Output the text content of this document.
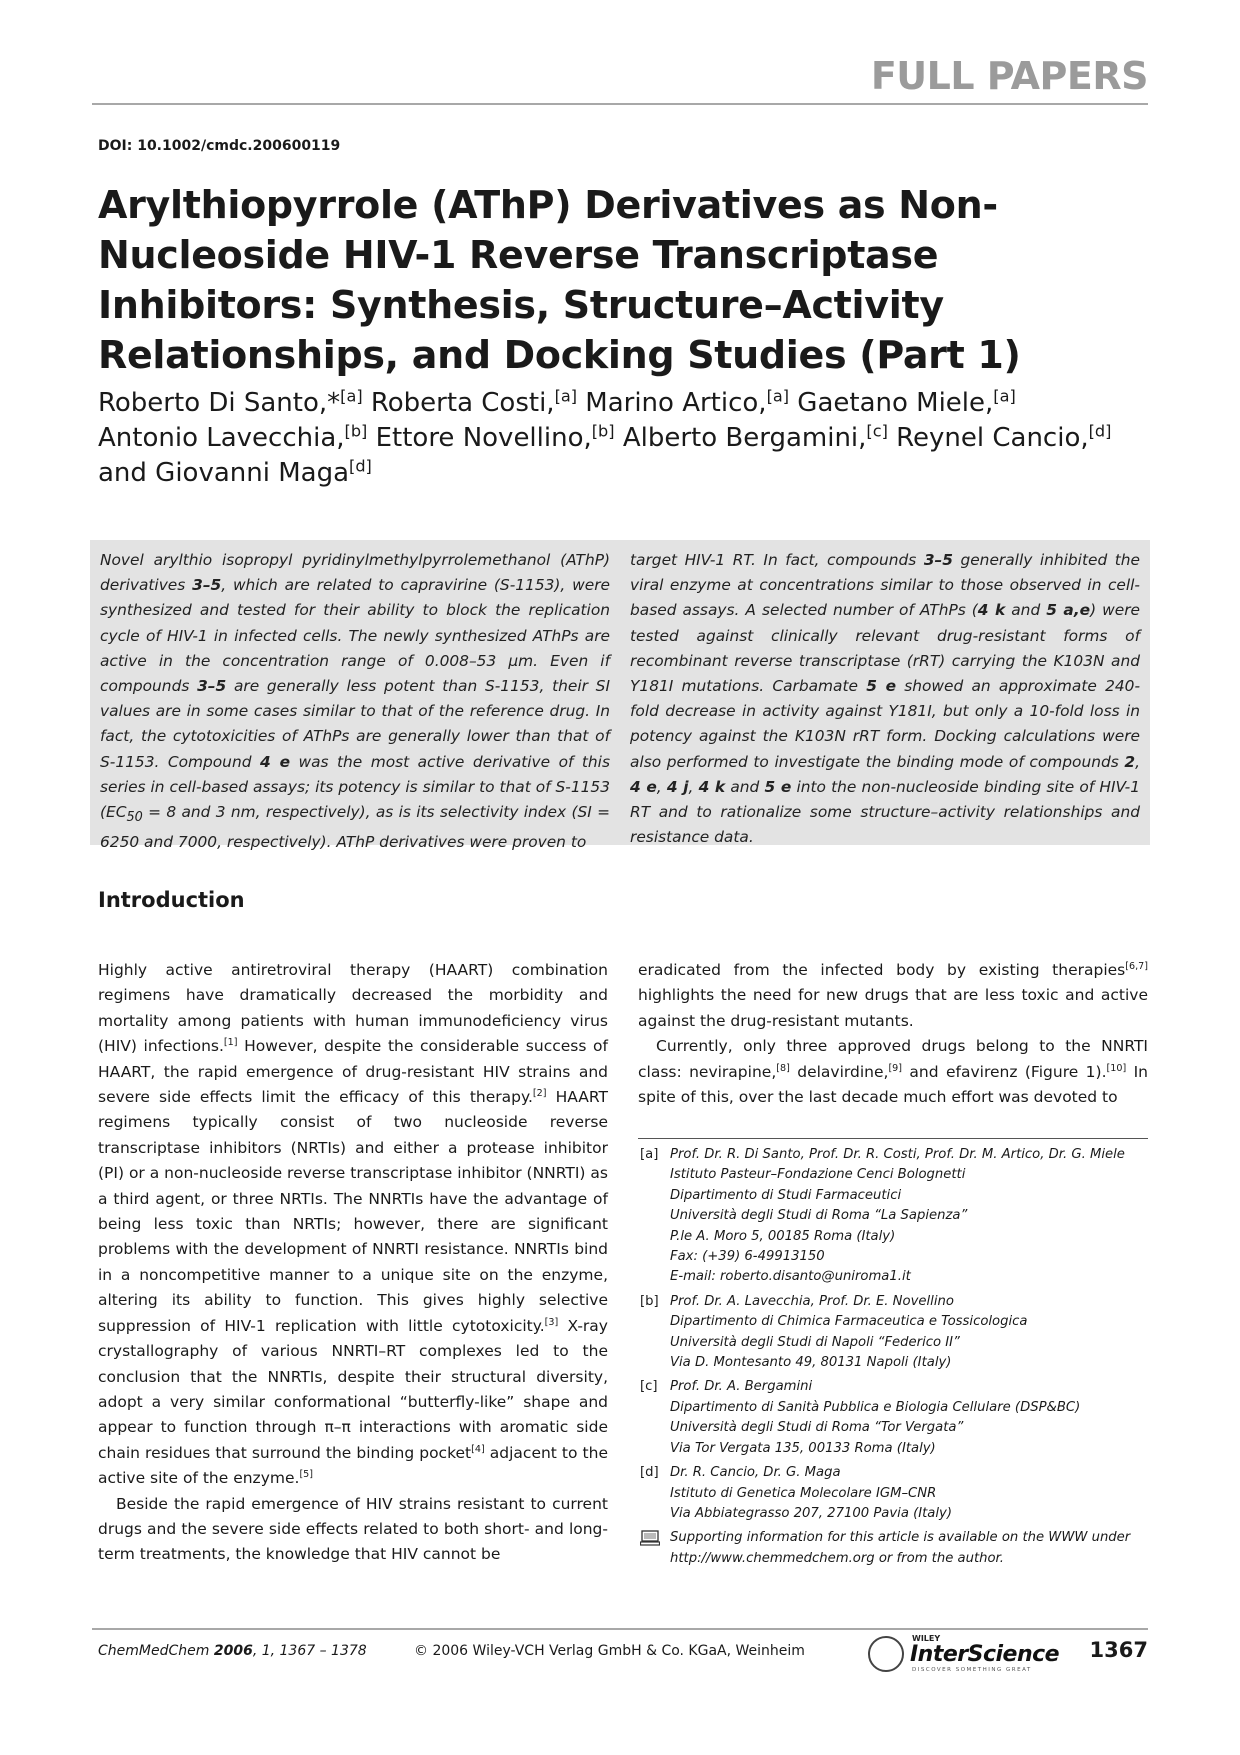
FULL PAPERS
DOI: 10.1002/cmdc.200600119
Arylthiopyrrole (AThP) Derivatives as Non-Nucleoside HIV-1 Reverse Transcriptase Inhibitors: Synthesis, Structure–Activity Relationships, and Docking Studies (Part 1)
Roberto Di Santo,*[a] Roberta Costi,[a] Marino Artico,[a] Gaetano Miele,[a]
Antonio Lavecchia,[b] Ettore Novellino,[b] Alberto Bergamini,[c] Reynel Cancio,[d]
and Giovanni Maga[d]

Novel arylthio isopropyl pyridinylmethylpyrrolemethanol (AThP) derivatives 3–5, which are related to capravirine (S-1153), were synthesized and tested for their ability to block the replication cycle of HIV-1 in infected cells. The newly synthesized AThPs are active in the concentration range of 0.008–53 µm. Even if compounds 3–5 are generally less potent than S-1153, their SI values are in some cases similar to that of the reference drug. In fact, the cytotoxicities of AThPs are generally lower than that of S-1153. Compound 4 e was the most active derivative of this series in cell-based assays; its potency is similar to that of S-1153 ($EC_{50} = 8$ and 3 nm, respectively), as is its selectivity index (SI = 6250 and 7000, respectively). AThP derivatives were proven to

target HIV-1 RT. In fact, compounds 3–5 generally inhibited the viral enzyme at concentrations similar to those observed in cell-based assays. A selected number of AThPs (4 k and 5 a,e) were tested against clinically relevant drug-resistant forms of recombinant reverse transcriptase (rRT) carrying the K103N and Y181I mutations. Carbamate 5 e showed an approximate 240-fold decrease in activity against Y181I, but only a 10-fold loss in potency against the K103N rRT form. Docking calculations were also performed to investigate the binding mode of compounds 2, 4 e, 4 j, 4 k and 5 e into the non-nucleoside binding site of HIV-1 RT and to rationalize some structure–activity relationships and resistance data.

Introduction

Highly active antiretroviral therapy (HAART) combination regimens have dramatically decreased the morbidity and mortality among patients with human immunodeficiency virus (HIV) infections.[1] However, despite the considerable success of HAART, the rapid emergence of drug-resistant HIV strains and severe side effects limit the efficacy of this therapy.[2] HAART regimens typically consist of two nucleoside reverse transcriptase inhibitors (NRTIs) and either a protease inhibitor (PI) or a non-nucleoside reverse transcriptase inhibitor (NNRTI) as a third agent, or three NRTIs. The NNRTIs have the advantage of being less toxic than NRTIs; however, there are significant problems with the development of NNRTI resistance. NNRTIs bind in a noncompetitive manner to a unique site on the enzyme, altering its ability to function. This gives highly selective suppression of HIV-1 replication with little cytotoxicity.[3] X-ray crystallography of various NNRTI–RT complexes led to the conclusion that the NNRTIs, despite their structural diversity, adopt a very similar conformational “butterfly-like” shape and appear to function through π–π interactions with aromatic side chain residues that surround the binding pocket[4] adjacent to the active site of the enzyme.[5]

Beside the rapid emergence of HIV strains resistant to current drugs and the severe side effects related to both short- and long-term treatments, the knowledge that HIV cannot be

eradicated from the infected body by existing therapies[6,7] highlights the need for new drugs that are less toxic and active against the drug-resistant mutants.

Currently, only three approved drugs belong to the NNRTI class: nevirapine,[8] delavirdine,[9] and efavirenz (Figure 1).[10] In spite of this, over the last decade much effort was devoted to

[a] Prof. Dr. R. Di Santo, Prof. Dr. R. Costi, Prof. Dr. M. Artico, Dr. G. Miele
Istituto Pasteur–Fondazione Cenci Bolognetti
Dipartimento di Studi Farmaceutici
Università degli Studi di Roma “La Sapienza”
P.le A. Moro 5, 00185 Roma (Italy)
Fax: (+39) 6-49913150
E-mail: roberto.disanto@uniroma1.it
[b] Prof. Dr. A. Lavecchia, Prof. Dr. E. Novellino
Dipartimento di Chimica Farmaceutica e Tossicologica
Università degli Studi di Napoli “Federico II”
Via D. Montesanto 49, 80131 Napoli (Italy)
[c] Prof. Dr. A. Bergamini
Dipartimento di Sanità Pubblica e Biologia Cellulare (DSP&BC)
Università degli Studi di Roma “Tor Vergata”
Via Tor Vergata 135, 00133 Roma (Italy)
[d] Dr. R. Cancio, Dr. G. Maga
Istituto di Genetica Molecolare IGM–CNR
Via Abbiategrasso 207, 27100 Pavia (Italy)
Supporting information for this article is available on the WWW under http://www.chemmedchem.org or from the author.
ChemMedChem 2006, 1, 1367 – 1378	© 2006 Wiley-VCH Verlag GmbH & Co. KGaA, Weinheim
WILEY
InterScience
DISCOVER SOMETHING GREAT
1367
